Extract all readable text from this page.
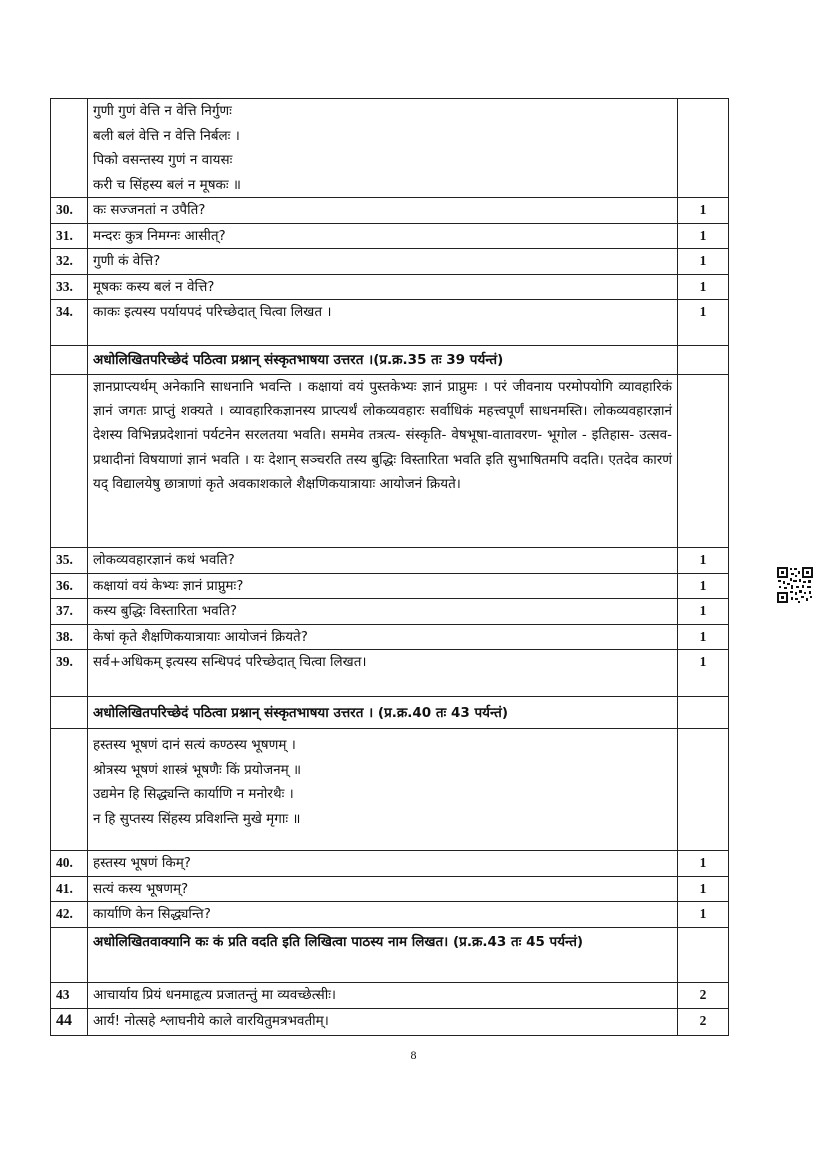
	गुणी गुणं वेत्ति न वेत्ति निर्गुणः
बली बलं वेत्ति न वेत्ति निर्बलः ।
पिको वसन्तस्य गुणं न वायसः
करी च सिंहस्य बलं न मूषकः ॥	

30.	कः सज्जनतां न उपैति?	1
31.	मन्दरः कुत्र निमग्नः आसीत्?	1
32.	गुणी कं वेत्ति?	1
33.	मूषकः कस्य बलं न वेत्ति?	1
34.	काकः इत्यस्य पर्यायपदं परिच्छेदात् चित्वा लिखत ।	1
	अधोलिखितपरिच्छेदं पठित्वा प्रश्नान् संस्कृतभाषया उत्तरत ।(प्र.क्र.35 तः 39 पर्यन्तं)	
	ज्ञानप्राप्त्यर्थम् अनेकानि साधनानि भवन्ति । कक्षायां वयं पुस्तकेभ्यः ज्ञानं प्राप्नुमः । परं जीवनाय परमोपयोगि व्यावहारिकं ज्ञानं जगतः प्राप्तुं शक्यते । व्यावहारिकज्ञानस्य प्राप्त्यर्थं लोकव्यवहारः सर्वाधिकं महत्त्वपूर्णं साधनमस्ति। लोकव्यवहारज्ञानं देशस्य विभिन्नप्रदेशानां पर्यटनेन सरलतया भवति। सममेव तत्रत्य- संस्कृति- वेषभूषा-वातावरण- भूगोल - इतिहास- उत्सव-प्रथादीनां विषयाणां ज्ञानं भवति । यः देशान् सञ्चरति तस्य बुद्धिः विस्तारिता भवति इति सुभाषितमपि वदति। एतदेव कारणं यद् विद्यालयेषु छात्राणां कृते अवकाशकाले शैक्षणिकयात्रायाः आयोजनं क्रियते।	
35.	लोकव्यवहारज्ञानं कथं भवति?	1
36.	कक्षायां वयं केभ्यः ज्ञानं प्राप्नुमः?	1
37.	कस्य बुद्धिः विस्तारिता भवति?	1
38.	केषां कृते शैक्षणिकयात्रायाः आयोजनं क्रियते?	1
39.	सर्व+अधिकम् इत्यस्य सन्धिपदं परिच्छेदात् चित्वा लिखत।	1
	अधोलिखितपरिच्छेदं पठित्वा प्रश्नान् संस्कृतभाषया उत्तरत । (प्र.क्र.40 तः 43 पर्यन्तं)	

	हस्तस्य भूषणं दानं सत्यं कण्ठस्य भूषणम् ।
श्रोत्रस्य भूषणं शास्त्रं भूषणैः किं प्रयोजनम् ॥
उद्यमेन हि सिद्ध्यन्ति कार्याणि न मनोरथैः ।
न हि सुप्तस्य सिंहस्य प्रविशन्ति मुखे मृगाः ॥	

40.	हस्तस्य भूषणं किम्?	1
41.	सत्यं कस्य भूषणम्?	1
42.	कार्याणि केन सिद्ध्यन्ति?	1
	अधोलिखितवाक्यानि कः कं प्रति वदति इति लिखित्वा पाठस्य नाम लिखत। (प्र.क्र.43 तः 45 पर्यन्तं)	
43	आचार्याय प्रियं धनमाहृत्य प्रजातन्तुं मा व्यवच्छेत्सीः।	2
44	आर्य! नोत्सहे श्लाघनीये काले वारयितुमत्रभवतीम्।	2
8
